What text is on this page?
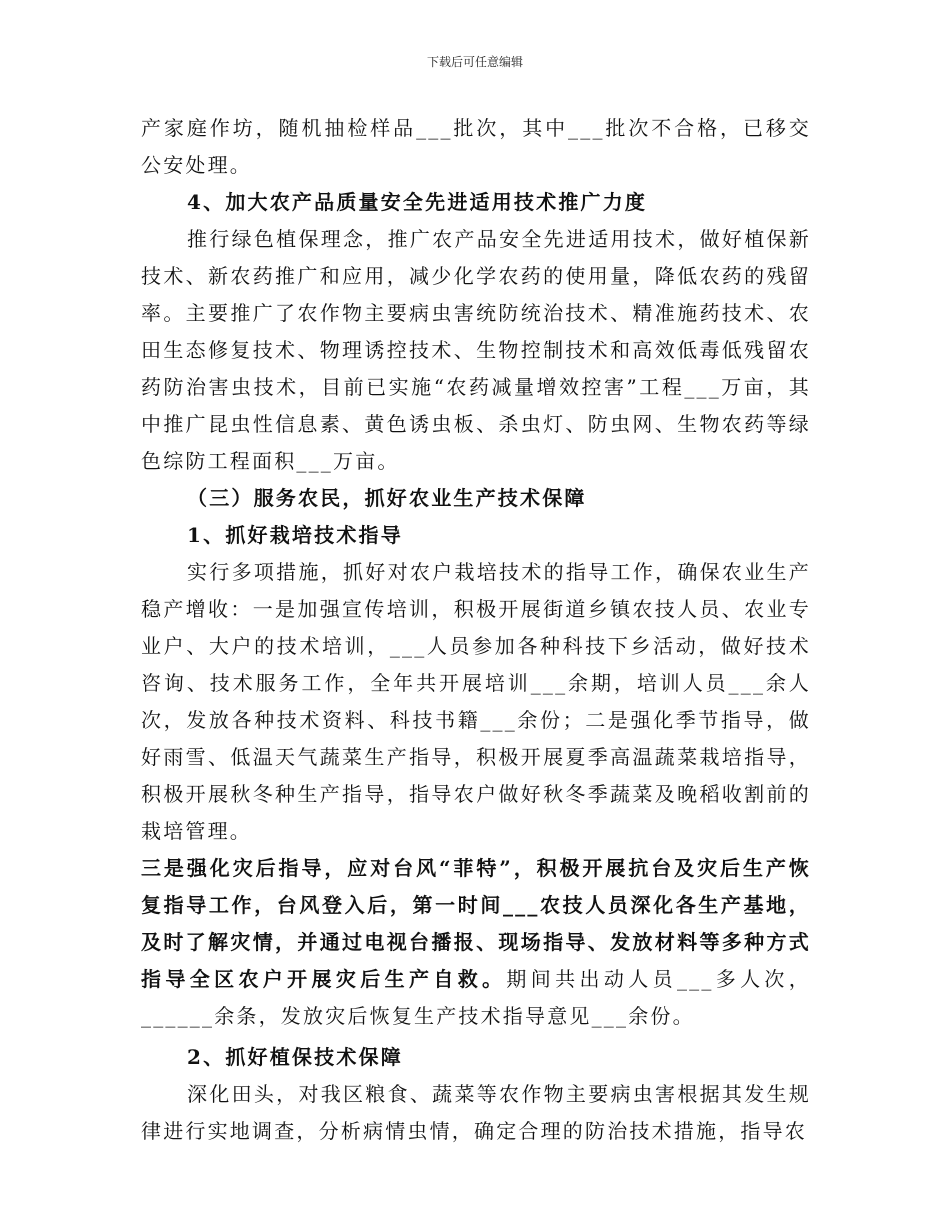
下载后可任意编辑

产家庭作坊，随机抽检样品___批次，其中___批次不合格，已移交公安处理。

4、加大农产品质量安全先进适用技术推广力度

推行绿色植保理念，推广农产品安全先进适用技术，做好植保新技术、新农药推广和应用，减少化学农药的使用量，降低农药的残留率。主要推广了农作物主要病虫害统防统治技术、精准施药技术、农田生态修复技术、物理诱控技术、生物控制技术和高效低毒低残留农药防治害虫技术，目前已实施“农药减量增效控害”工程___万亩，其中推广昆虫性信息素、黄色诱虫板、杀虫灯、防虫网、生物农药等绿色综防工程面积___万亩。

（三）服务农民，抓好农业生产技术保障

1、抓好栽培技术指导

实行多项措施，抓好对农户栽培技术的指导工作，确保农业生产稳产增收：一是加强宣传培训，积极开展街道乡镇农技人员、农业专业户、大户的技术培训，___人员参加各种科技下乡活动，做好技术咨询、技术服务工作，全年共开展培训___余期，培训人员___余人次，发放各种技术资料、科技书籍___余份；二是强化季节指导，做好雨雪、低温天气蔬菜生产指导，积极开展夏季高温蔬菜栽培指导，积极开展秋冬种生产指导，指导农户做好秋冬季蔬菜及晚稻收割前的栽培管理。

三是强化灾后指导，应对台风“菲特”，积极开展抗台及灾后生产恢复指导工作，台风登入后，第一时间___农技人员深化各生产基地，及时了解灾情，并通过电视台播报、现场指导、发放材料等多种方式指导全区农户开展灾后生产自救。期间共出动人员___多人次，______余条，发放灾后恢复生产技术指导意见___余份。

2、抓好植保技术保障

深化田头，对我区粮食、蔬菜等农作物主要病虫害根据其发生规律进行实地调查，分析病情虫情，确定合理的防治技术措施，指导农
